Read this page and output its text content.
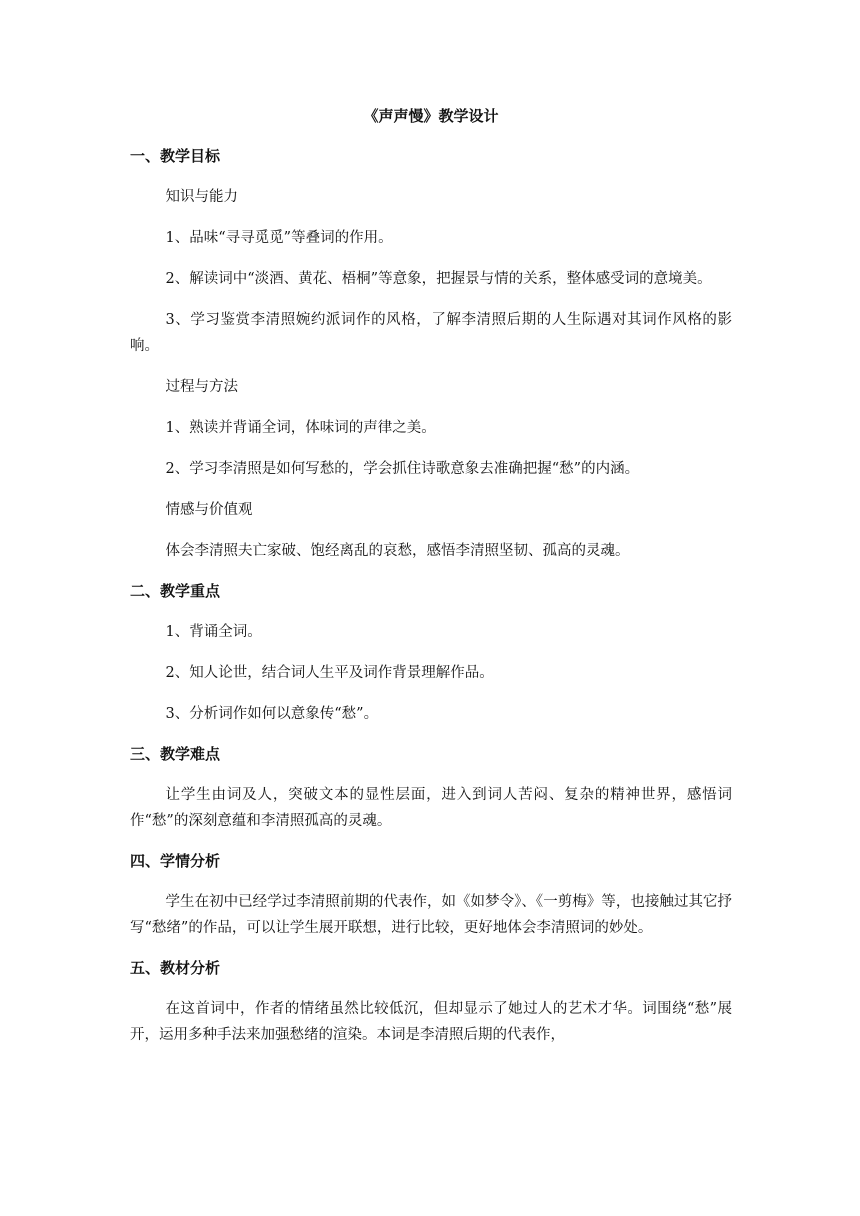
《声声慢》教学设计
一、教学目标

知识与能力

1、品味“寻寻觅觅”等叠词的作用。

2、解读词中“淡酒、黄花、梧桐”等意象，把握景与情的关系，整体感受词的意境美。

3、学习鉴赏李清照婉约派词作的风格，了解李清照后期的人生际遇对其词作风格的影响。

过程与方法

1、熟读并背诵全词，体味词的声律之美。

2、学习李清照是如何写愁的，学会抓住诗歌意象去准确把握“愁”的内涵。

情感与价值观

体会李清照夫亡家破、饱经离乱的哀愁，感悟李清照坚韧、孤高的灵魂。

二、教学重点

1、背诵全词。

2、知人论世，结合词人生平及词作背景理解作品。

3、分析词作如何以意象传“愁”。

三、教学难点

让学生由词及人，突破文本的显性层面，进入到词人苦闷、复杂的精神世界，感悟词作“愁”的深刻意蕴和李清照孤高的灵魂。

四、学情分析

学生在初中已经学过李清照前期的代表作，如《如梦令》、《一剪梅》等，也接触过其它抒写“愁绪”的作品，可以让学生展开联想，进行比较，更好地体会李清照词的妙处。

五、教材分析

在这首词中，作者的情绪虽然比较低沉，但却显示了她过人的艺术才华。词围绕“愁”展开，运用多种手法来加强愁绪的渲染。本词是李清照后期的代表作，
